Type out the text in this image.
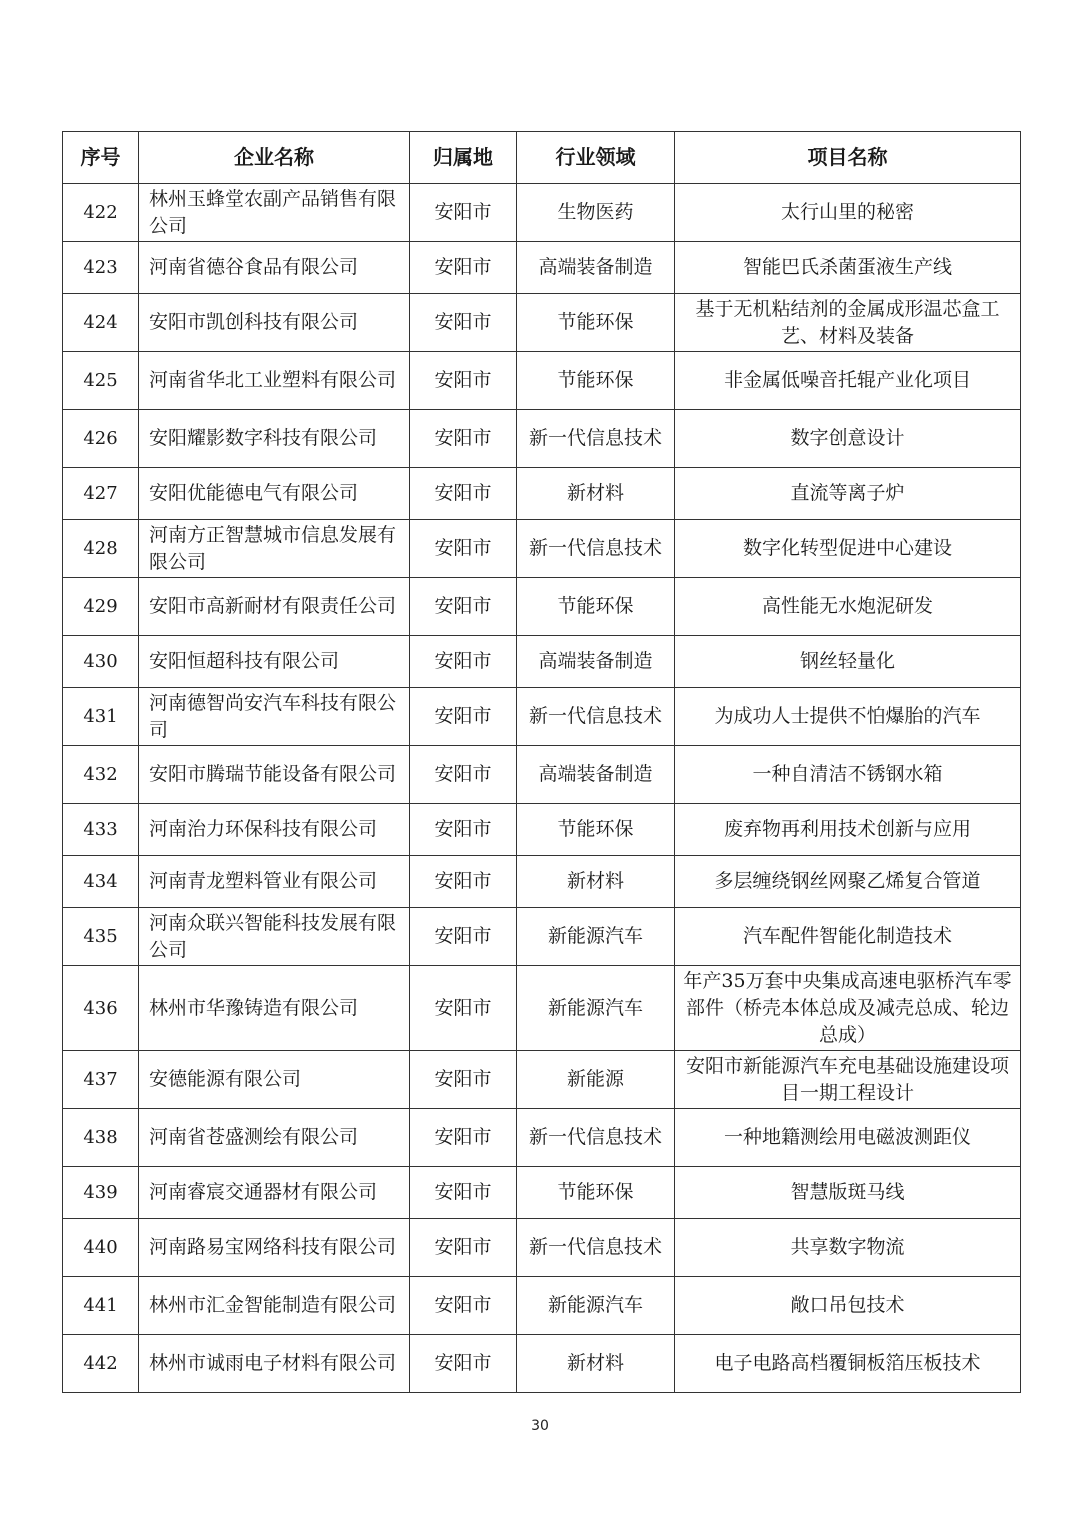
序号	企业名称	归属地	行业领域	项目名称
422	林州玉蜂堂农副产品销售有限公司	安阳市	生物医药	太行山里的秘密
423	河南省德谷食品有限公司	安阳市	高端装备制造	智能巴氏杀菌蛋液生产线
424	安阳市凯创科技有限公司	安阳市	节能环保	基于无机粘结剂的金属成形温芯盒工艺、材料及装备
425	河南省华北工业塑料有限公司	安阳市	节能环保	非金属低噪音托辊产业化项目
426	安阳耀影数字科技有限公司	安阳市	新一代信息技术	数字创意设计
427	安阳优能德电气有限公司	安阳市	新材料	直流等离子炉
428	河南方正智慧城市信息发展有限公司	安阳市	新一代信息技术	数字化转型促进中心建设
429	安阳市高新耐材有限责任公司	安阳市	节能环保	高性能无水炮泥研发
430	安阳恒超科技有限公司	安阳市	高端装备制造	钢丝轻量化
431	河南德智尚安汽车科技有限公司	安阳市	新一代信息技术	为成功人士提供不怕爆胎的汽车
432	安阳市腾瑞节能设备有限公司	安阳市	高端装备制造	一种自清洁不锈钢水箱
433	河南治力环保科技有限公司	安阳市	节能环保	废弃物再利用技术创新与应用
434	河南青龙塑料管业有限公司	安阳市	新材料	多层缠绕钢丝网聚乙烯复合管道
435	河南众联兴智能科技发展有限公司	安阳市	新能源汽车	汽车配件智能化制造技术
436	林州市华豫铸造有限公司	安阳市	新能源汽车	年产35万套中央集成高速电驱桥汽车零部件（桥壳本体总成及减壳总成、轮边总成）
437	安德能源有限公司	安阳市	新能源	安阳市新能源汽车充电基础设施建设项目一期工程设计
438	河南省苍盛测绘有限公司	安阳市	新一代信息技术	一种地籍测绘用电磁波测距仪
439	河南睿宸交通器材有限公司	安阳市	节能环保	智慧版斑马线
440	河南路易宝网络科技有限公司	安阳市	新一代信息技术	共享数字物流
441	林州市汇金智能制造有限公司	安阳市	新能源汽车	敞口吊包技术
442	林州市诚雨电子材料有限公司	安阳市	新材料	电子电路高档覆铜板箔压板技术
30
